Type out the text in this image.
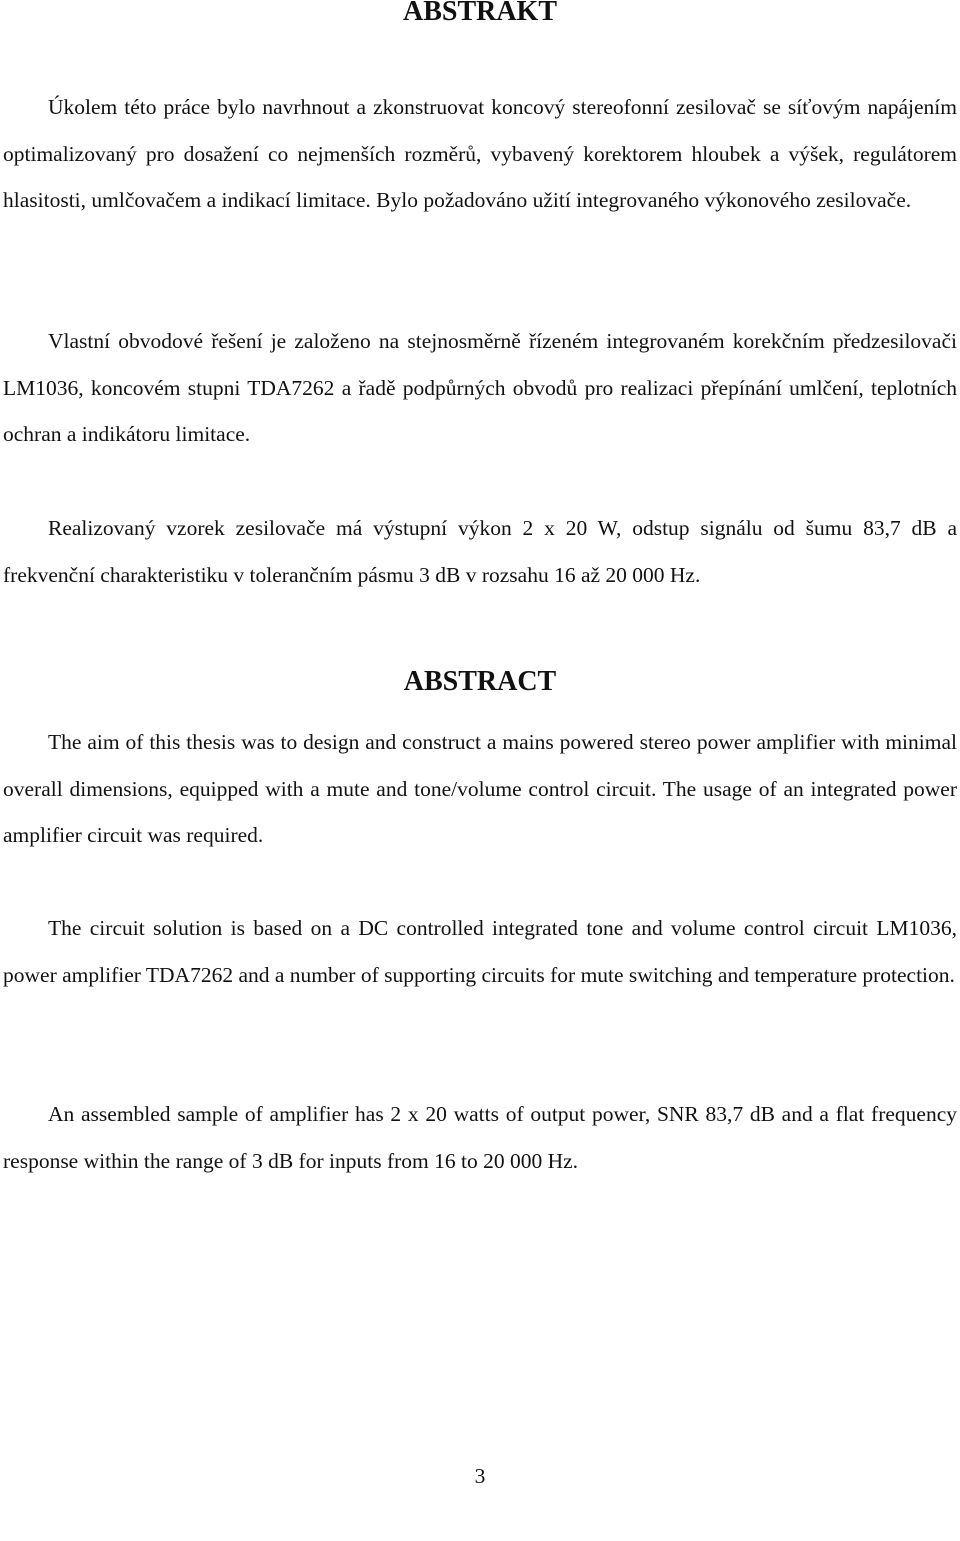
ABSTRAKT

Úkolem této práce bylo navrhnout a zkonstruovat koncový stereofonní zesilovač se síťovým napájením optimalizovaný pro dosažení co nejmenších rozměrů, vybavený korektorem hloubek a výšek, regulátorem hlasitosti, umlčovačem a indikací limitace. Bylo požadováno užití integrovaného výkonového zesilovače.

Vlastní obvodové řešení je založeno na stejnosměrně řízeném integrovaném korekčním předzesilovači LM1036, koncovém stupni TDA7262 a řadě podpůrných obvodů pro realizaci přepínání umlčení, teplotních ochran a indikátoru limitace.

Realizovaný vzorek zesilovače má výstupní výkon 2 x 20 W, odstup signálu od šumu 83,7 dB a frekvenční charakteristiku v tolerančním pásmu 3 dB v rozsahu 16 až 20 000 Hz.

ABSTRACT

The aim of this thesis was to design and construct a mains powered stereo power amplifier with minimal overall dimensions, equipped with a mute and tone/volume control circuit. The usage of an integrated power amplifier circuit was required.

The circuit solution is based on a DC controlled integrated tone and volume control circuit LM1036, power amplifier TDA7262 and a number of supporting circuits for mute switching and temperature protection.

An assembled sample of amplifier has 2 x 20 watts of output power, SNR 83,7 dB and a flat frequency response within the range of 3 dB for inputs from 16 to 20 000 Hz.

3
